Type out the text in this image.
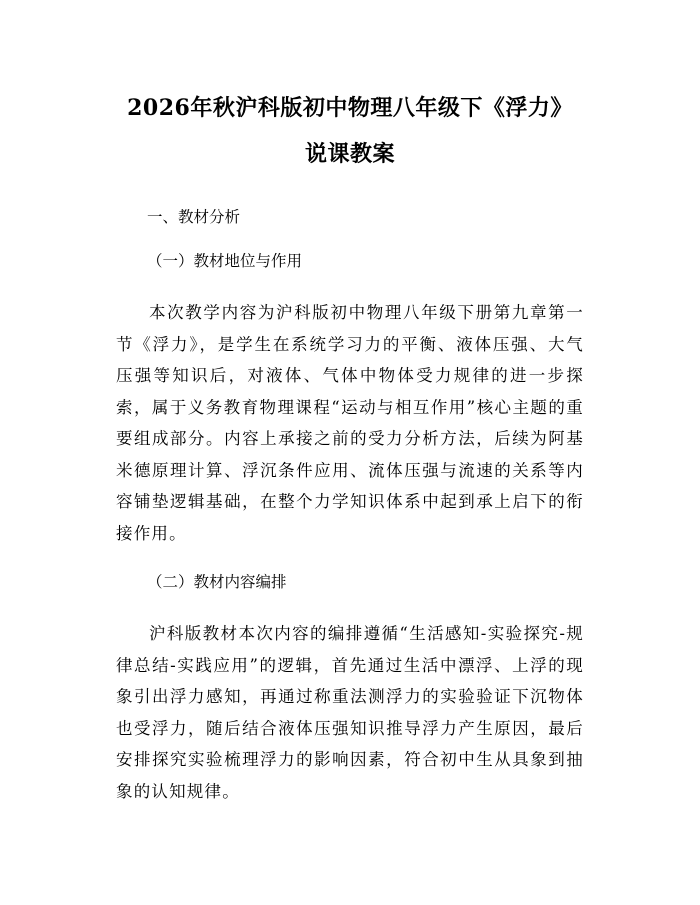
2026年秋沪科版初中物理八年级下《浮力》

说课教案

一、教材分析

（一）教材地位与作用

本次教学内容为沪科版初中物理八年级下册第九章第一节《浮力》，是学生在系统学习力的平衡、液体压强、大气压强等知识后，对液体、气体中物体受力规律的进一步探索，属于义务教育物理课程“运动与相互作用”核心主题的重要组成部分。内容上承接之前的受力分析方法，后续为阿基米德原理计算、浮沉条件应用、流体压强与流速的关系等内容铺垫逻辑基础，在整个力学知识体系中起到承上启下的衔接作用。

（二）教材内容编排

沪科版教材本次内容的编排遵循“生活感知-实验探究-规律总结-实践应用”的逻辑，首先通过生活中漂浮、上浮的现象引出浮力感知，再通过称重法测浮力的实验验证下沉物体也受浮力，随后结合液体压强知识推导浮力产生原因，最后安排探究实验梳理浮力的影响因素，符合初中生从具象到抽象的认知规律。
